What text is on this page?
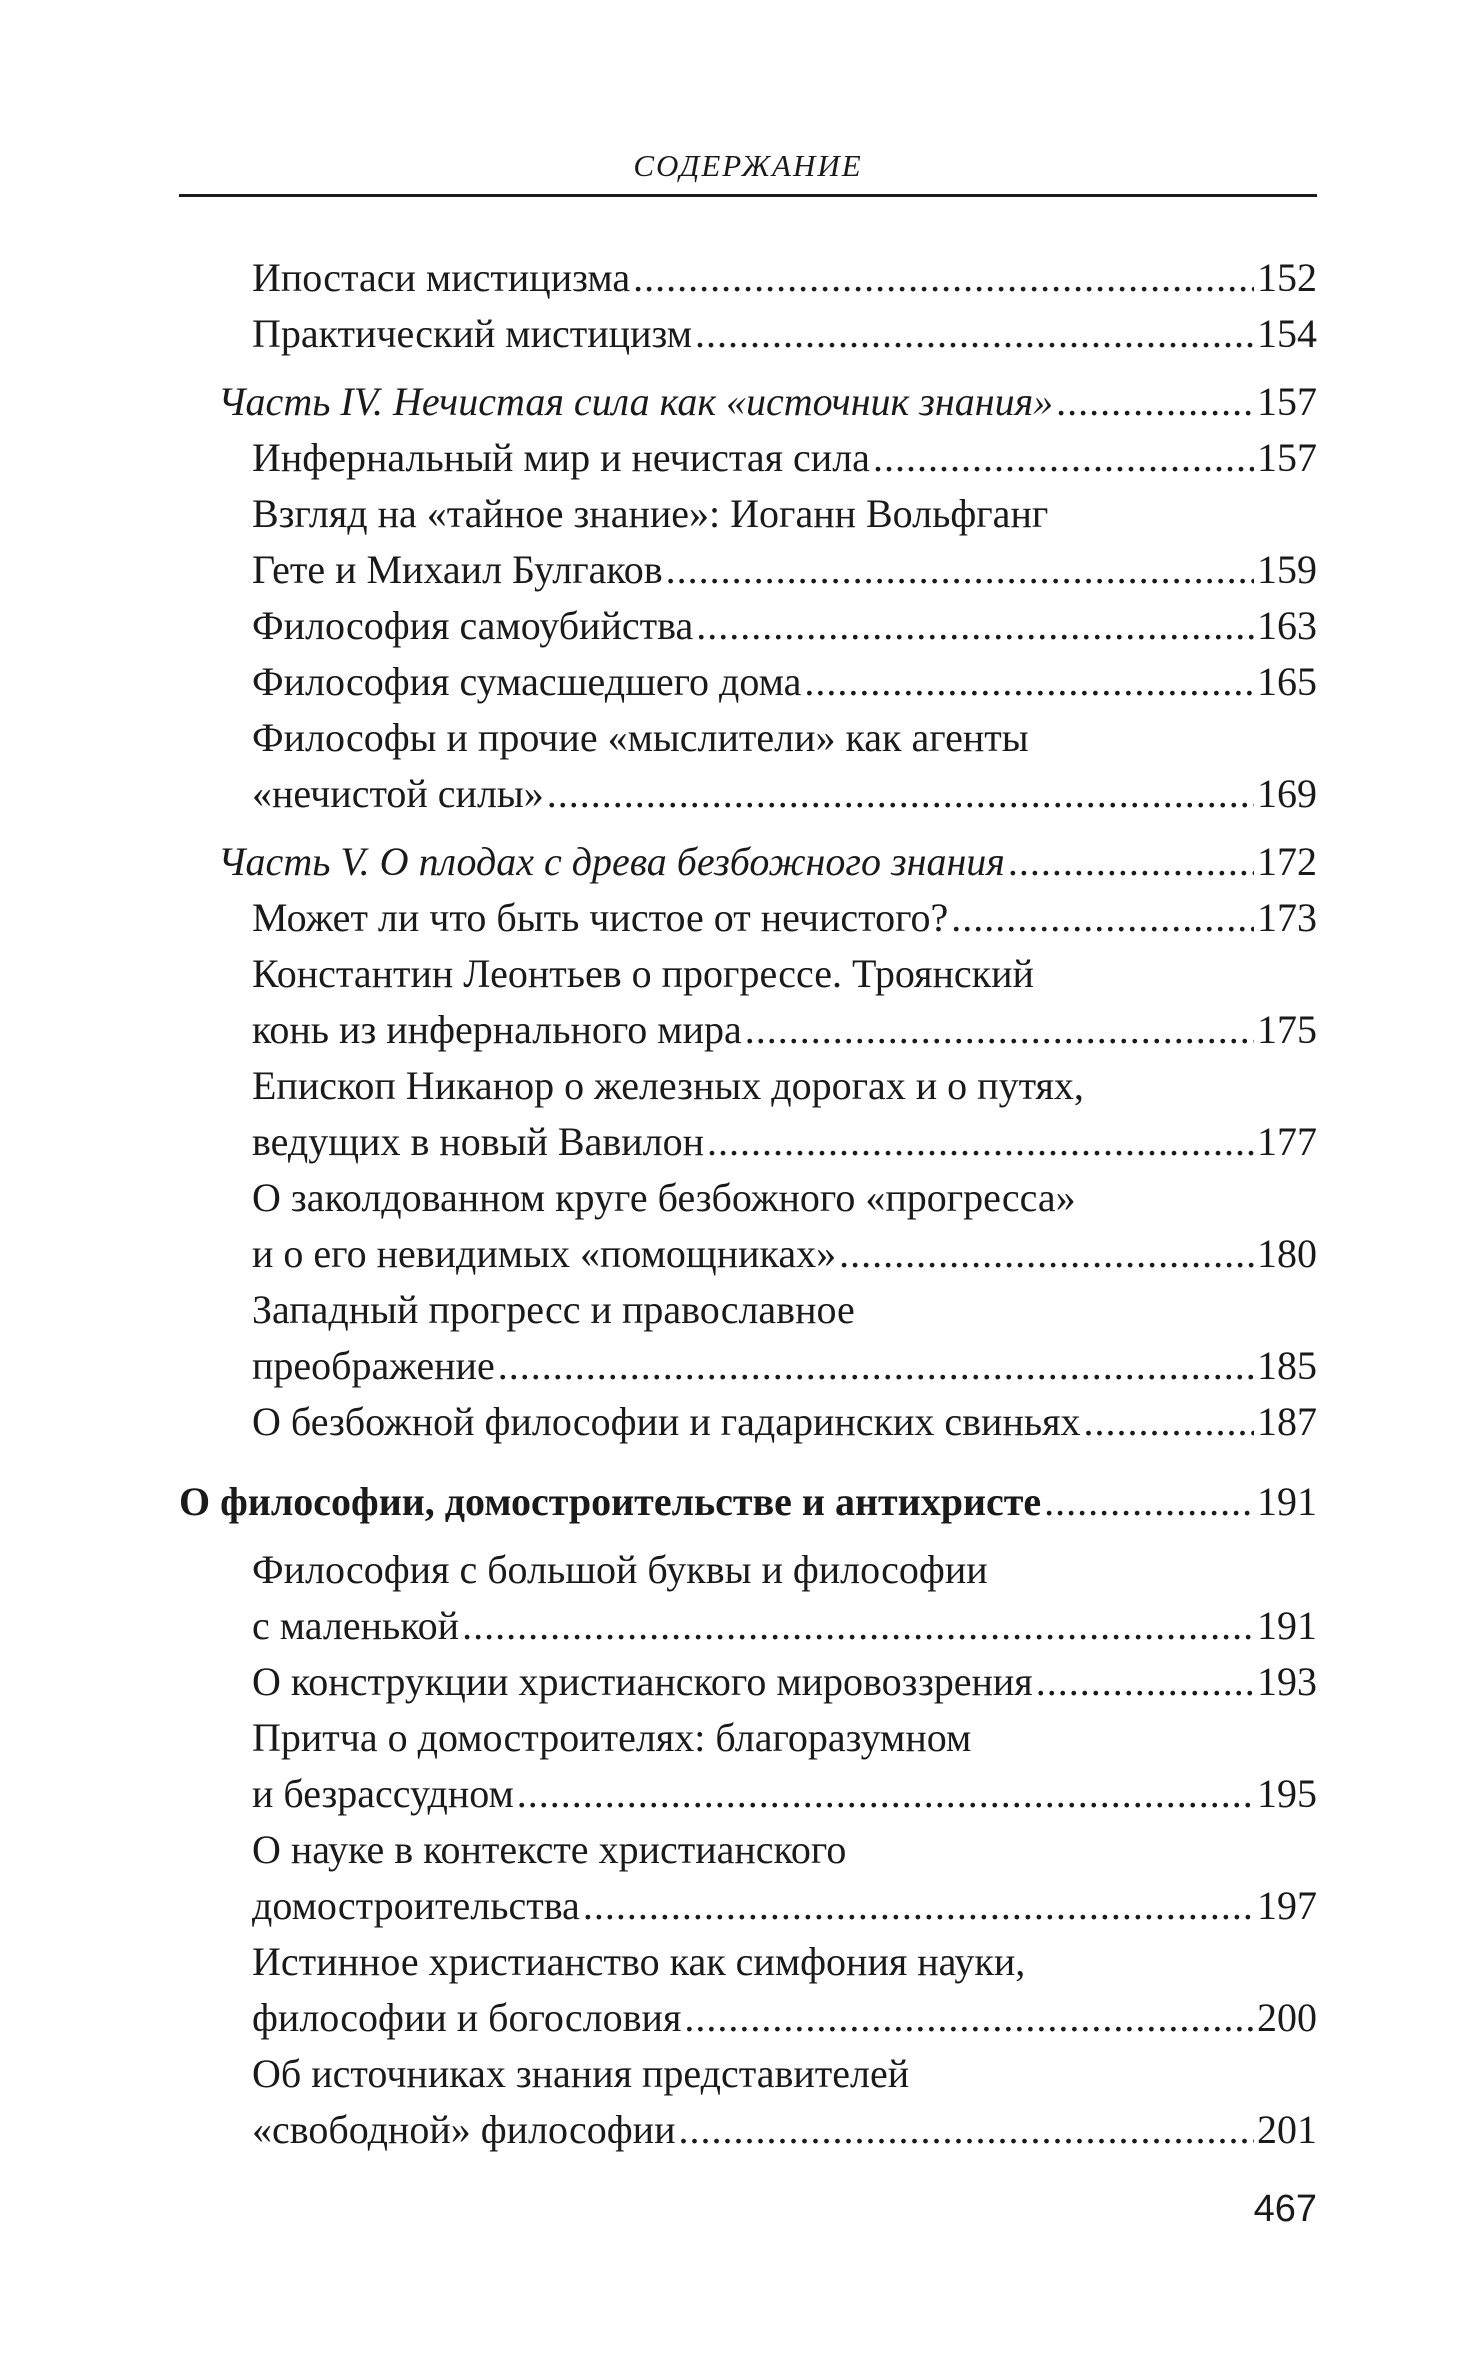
СОДЕРЖАНИЕ
Ипостаси мистицизма .....	152
Практический мистицизм .....	154
Часть IV. Нечистая сила как «источник знания» .....	157
Инфернальный мир и нечистая сила .....	157
Взгляд на «тайное знание»: Иоганн Вольфганг
Гете и Михаил Булгаков .....	159
Философия самоубийства .....	163
Философия сумасшедшего дома .....	165
Философы и прочие «мыслители» как агенты
«нечистой силы» .....	169
Часть V. О плодах с древа безбожного знания .....	172
Может ли что быть чистое от нечистого? .....	173
Константин Леонтьев о прогрессе. Троянский
конь из инфернального мира .....	175
Епископ Никанор о железных дорогах и о путях,
ведущих в новый Вавилон .....	177
О заколдованном круге безбожного «прогресса»
и о его невидимых «помощниках» .....	180
Западный прогресс и православное
преображение .....	185
О безбожной философии и гадаринских свиньях .....	187
О философии, домостроительстве и антихристе .....	191
Философия с большой буквы и философии
с маленькой .....	191
О конструкции христианского мировоззрения .....	193
Притча о домостроителях: благоразумном
и безрассудном .....	195
О науке в контексте христианского
домостроительства .....	197
Истинное христианство как симфония науки,
философии и богословия .....	200
Об источниках знания представителей
«свободной» философии .....	201
467
